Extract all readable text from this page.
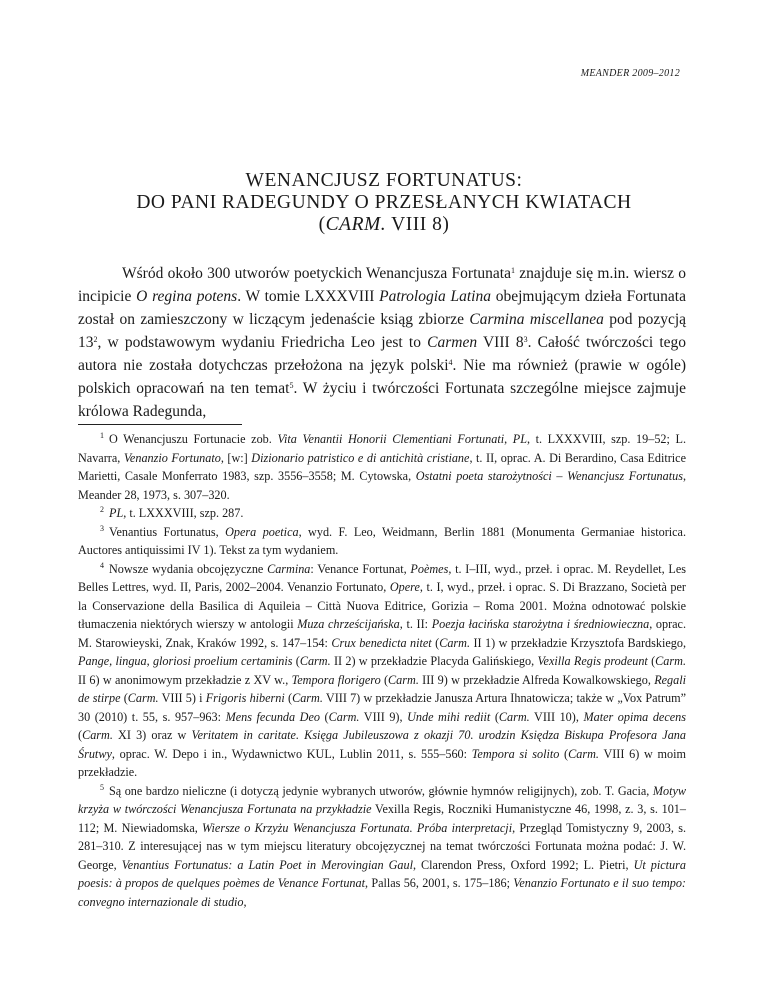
MEANDER 2009–2012
WENANCJUSZ FORTUNATUS:
DO PANI RADEGUNDY O PRZESŁANYCH KWIATACH
(CARM. VIII 8)
Wśród około 300 utworów poetyckich Wenancjusza Fortunata$^1$ znajduje się m.in. wiersz o incipicie O regina potens. W tomie LXXXVIII Patrologia Latina obejmującym dzieła Fortunata został on zamieszczony w liczącym jedenaście ksiąg zbiorze Carmina miscellanea pod pozycją $13^2$, w podstawowym wydaniu Friedricha Leo jest to Carmen VIII $8^3$. Całość twórczości tego autora nie została dotychczas przełożona na język polski$^4$. Nie ma również (prawie w ogóle) polskich opracowań na ten temat$^5$. W życiu i twórczości Fortunata szczególne miejsce zajmuje królowa Radegunda,

$^1$ O Wenancjuszu Fortunacie zob. Vita Venantii Honorii Clementiani Fortunati, PL, t. LXXXVIII, szp. 19–52; L. Navarra, Venanzio Fortunato, [w:] Dizionario patristico e di antichità cristiane, t. II, oprac. A. Di Berardino, Casa Editrice Marietti, Casale Monferrato 1983, szp. 3556–3558; M. Cytowska, Ostatni poeta starożytności – Wenancjusz Fortunatus, Meander 28, 1973, s. 307–320.

$^2$ PL, t. LXXXVIII, szp. 287.

$^3$ Venantius Fortunatus, Opera poetica, wyd. F. Leo, Weidmann, Berlin 1881 (Monumenta Germaniae historica. Auctores antiquissimi IV 1). Tekst za tym wydaniem.

$^4$ Nowsze wydania obcojęzyczne Carmina: Venance Fortunat, Poèmes, t. I–III, wyd., przeł. i oprac. M. Reydellet, Les Belles Lettres, wyd. II, Paris, 2002–2004. Venanzio Fortunato, Opere, t. I, wyd., przeł. i oprac. S. Di Brazzano, Società per la Conservazione della Basilica di Aquileia – Città Nuova Editrice, Gorizia – Roma 2001. Można odnotować polskie tłumaczenia niektórych wierszy w antologii Muza chrześcijańska, t. II: Poezja łacińska starożytna i średniowieczna, oprac. M. Starowieyski, Znak, Kraków 1992, s. 147–154: Crux benedicta nitet (Carm. II 1) w przekładzie Krzysztofa Bardskiego, Pange, lingua, gloriosi proelium certaminis (Carm. II 2) w przekładzie Placyda Galińskiego, Vexilla Regis prodeunt (Carm. II 6) w anonimowym przekładzie z XV w., Tempora florigero (Carm. III 9) w przekładzie Alfreda Kowalkowskiego, Regali de stirpe (Carm. VIII 5) i Frigoris hiberni (Carm. VIII 7) w przekładzie Janusza Artura Ihnatowicza; także w „Vox Patrum” 30 (2010) t. 55, s. 957–963: Mens fecunda Deo (Carm. VIII 9), Unde mihi rediit (Carm. VIII 10), Mater opima decens (Carm. XI 3) oraz w Veritatem in caritate. Księga Jubileuszowa z okazji 70. urodzin Księdza Biskupa Profesora Jana Śrutwy, oprac. W. Depo i in., Wydawnictwo KUL, Lublin 2011, s. 555–560: Tempora si solito (Carm. VIII 6) w moim przekładzie.

$^5$ Są one bardzo nieliczne (i dotyczą jedynie wybranych utworów, głównie hymnów religijnych), zob. T. Gacia, Motyw krzyża w twórczości Wenancjusza Fortunata na przykładzie Vexilla Regis, Roczniki Humanistyczne 46, 1998, z. 3, s. 101–112; M. Niewiadomska, Wiersze o Krzyżu Wenancjusza Fortunata. Próba interpretacji, Przegląd Tomistyczny 9, 2003, s. 281–310. Z interesującej nas w tym miejscu literatury obcojęzycznej na temat twórczości Fortunata można podać: J. W. George, Venantius Fortunatus: a Latin Poet in Merovingian Gaul, Clarendon Press, Oxford 1992; L. Pietri, Ut pictura poesis: à propos de quelques poèmes de Venance Fortunat, Pallas 56, 2001, s. 175–186; Venanzio Fortunato e il suo tempo: convegno internazionale di studio,
